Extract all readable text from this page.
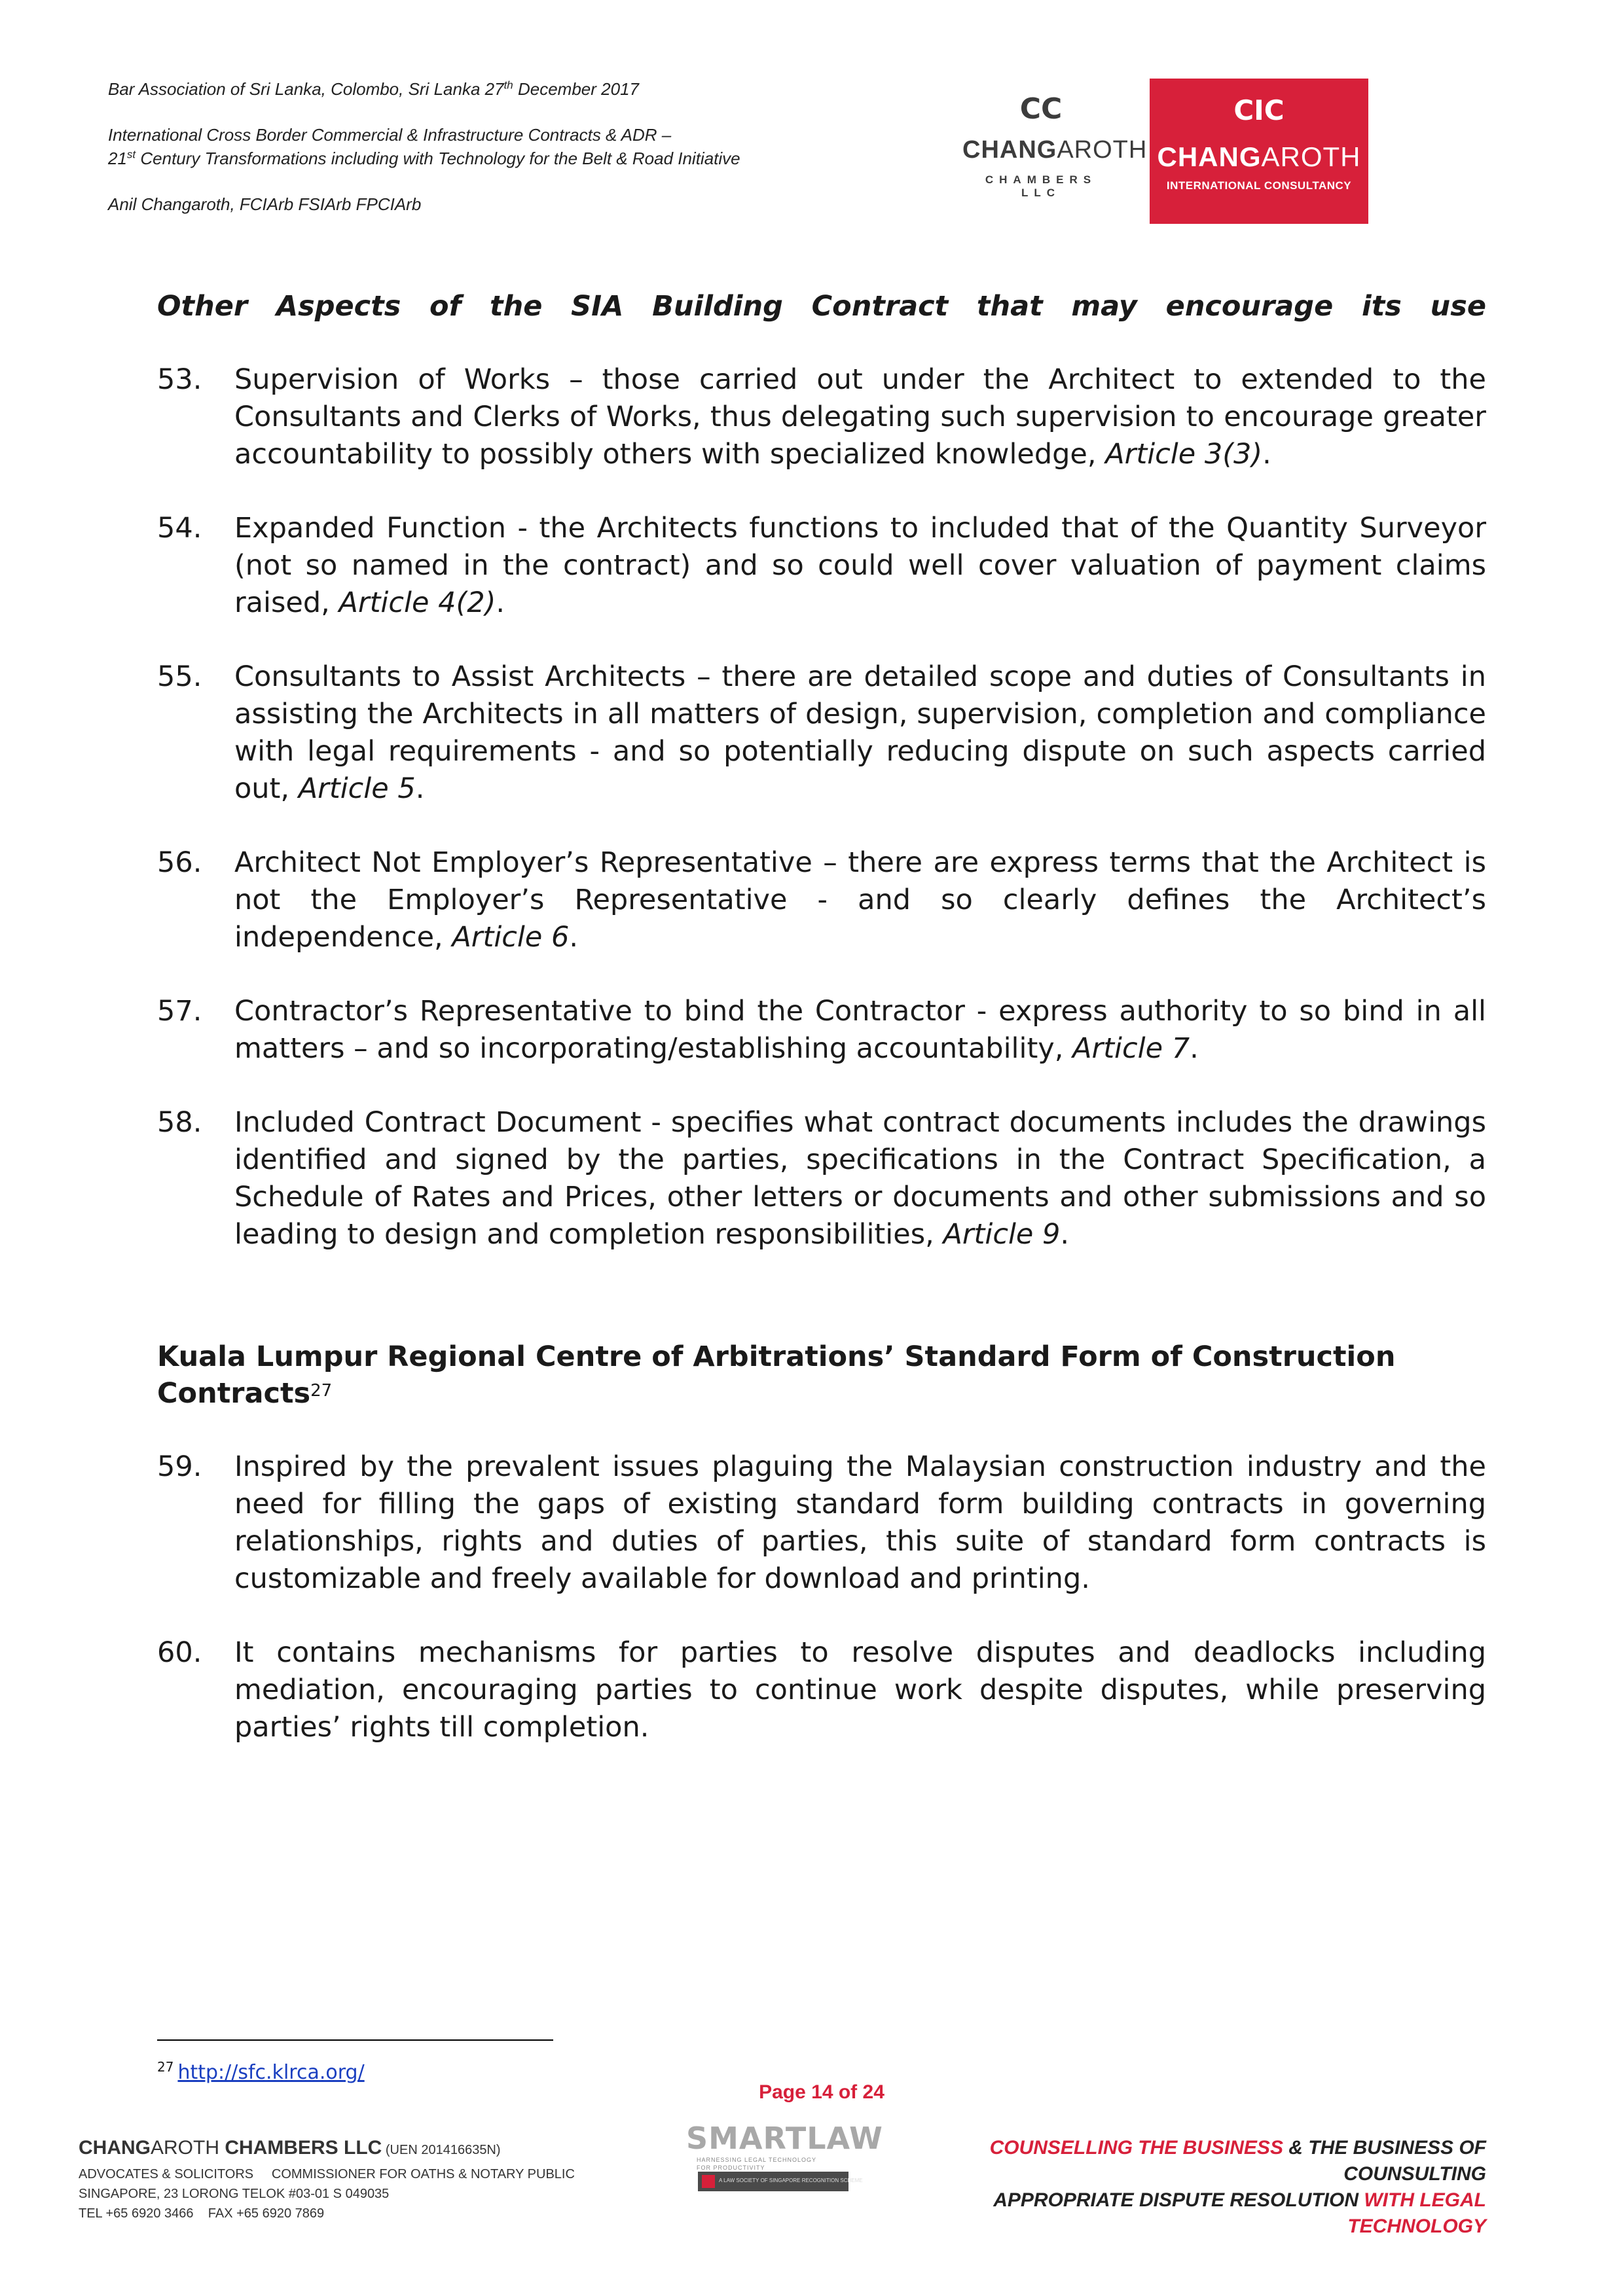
Bar Association of Sri Lanka, Colombo, Sri Lanka 27th December 2017

International Cross Border Commercial & Infrastructure Contracts & ADR –

21st Century Transformations including with Technology for the Belt & Road Initiative

Anil Changaroth, FCIArb FSIArb FPCIArb

CC
CHANGAROTH
CHAMBERS LLC
CIC
CHANGAROTH
INTERNATIONAL CONSULTANCY

Other Aspects of the SIA Building Contract that may encourage its use

53. Supervision of Works – those carried out under the Architect to extended to the Consultants and Clerks of Works, thus delegating such supervision to encourage greater accountability to possibly others with specialized knowledge, Article 3(3).

54. Expanded Function - the Architects functions to included that of the Quantity Surveyor (not so named in the contract) and so could well cover valuation of payment claims raised, Article 4(2).

55. Consultants to Assist Architects – there are detailed scope and duties of Consultants in assisting the Architects in all matters of design, supervision, completion and compliance with legal requirements - and so potentially reducing dispute on such aspects carried out, Article 5.

56. Architect Not Employer’s Representative – there are express terms that the Architect is not the Employer’s Representative - and so clearly defines the Architect’s independence, Article 6.

57. Contractor’s Representative to bind the Contractor - express authority to so bind in all matters – and so incorporating/establishing accountability, Article 7.

58. Included Contract Document - specifies what contract documents includes the drawings identified and signed by the parties, specifications in the Contract Specification, a Schedule of Rates and Prices, other letters or documents and other submissions and so leading to design and completion responsibilities, Article 9.

Kuala Lumpur Regional Centre of Arbitrations’ Standard Form of Construction Contracts$^{27}$

59. Inspired by the prevalent issues plaguing the Malaysian construction industry and the need for filling the gaps of existing standard form building contracts in governing relationships, rights and duties of parties, this suite of standard form contracts is customizable and freely available for download and printing.

60. It contains mechanisms for parties to resolve disputes and deadlocks including mediation, encouraging parties to continue work despite disputes, while preserving parties’ rights till completion.

$^{27}$ http://sfc.klrca.org/
Page 14 of 24

CHANGAROTH CHAMBERS LLC (UEN 201416635N)

ADVOCATES & SOLICITORS     COMMISSIONER FOR OATHS & NOTARY PUBLIC

SINGAPORE, 23 LORONG TELOK #03-01 S 049035

TEL +65 6920 3466    FAX +65 6920 7869

SMARTLAW
HARNESSING LEGAL TECHNOLOGY
FOR PRODUCTIVITY
A LAW SOCIETY OF SINGAPORE RECOGNITION SCHEME

COUNSELLING THE BUSINESS & THE BUSINESS OF COUNSULTING

APPROPRIATE DISPUTE RESOLUTION WITH LEGAL TECHNOLOGY
